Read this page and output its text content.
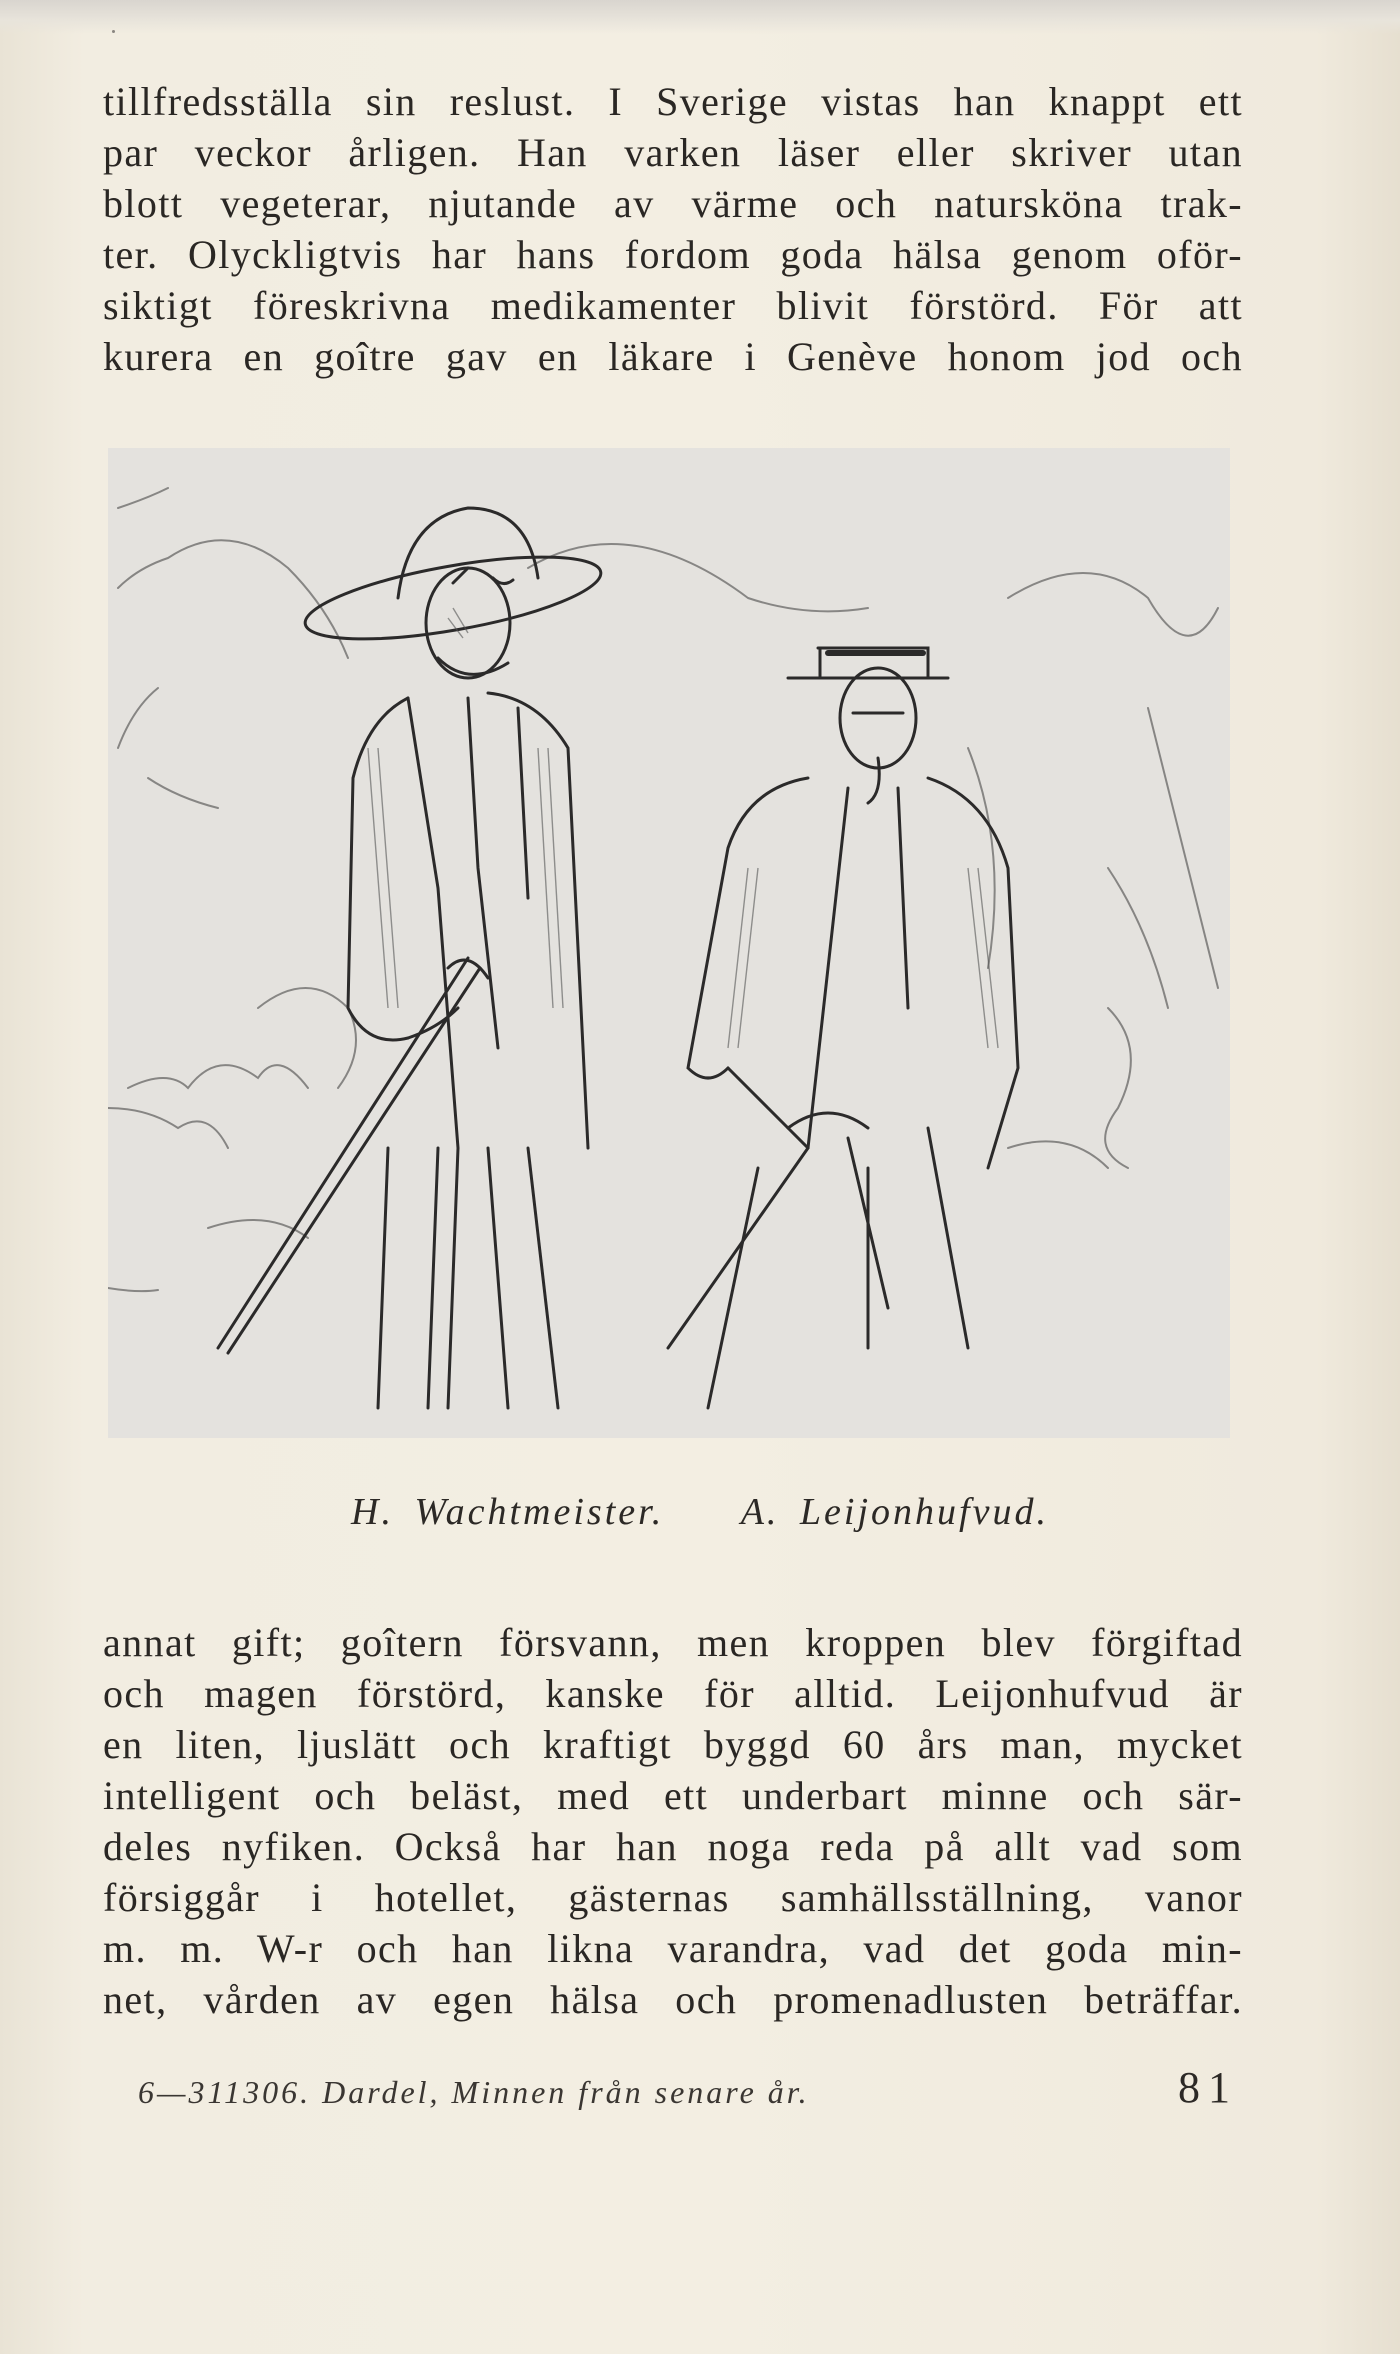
tillfredsställa sin reslust. I Sverige vistas han knappt ett
par veckor årligen. Han varken läser eller skriver utan
blott vegeterar, njutande av värme och natursköna trak-
ter. Olyckligtvis har hans fordom goda hälsa genom oför-
siktigt föreskrivna medikamenter blivit förstörd. För att
kurera en goître gav en läkare i Genève honom jod och
H. Wachtmeister. A. Leijonhufvud.
annat gift; goîtern försvann, men kroppen blev förgiftad
och magen förstörd, kanske för alltid. Leijonhufvud är
en liten, ljuslätt och kraftigt byggd 60 års man, mycket
intelligent och beläst, med ett underbart minne och sär-
deles nyfiken. Också har han noga reda på allt vad som
försiggår i hotellet, gästernas samhällsställning, vanor
m. m. W-r och han likna varandra, vad det goda min-
net, vården av egen hälsa och promenadlusten beträffar.
6—311306. Dardel, Minnen från senare år.	81
